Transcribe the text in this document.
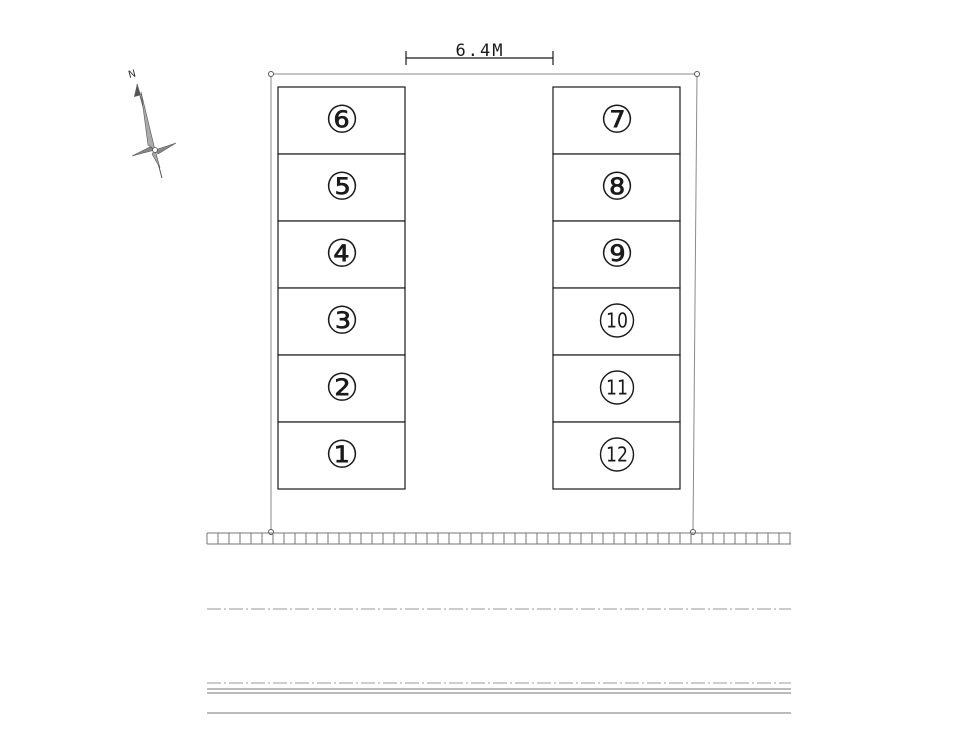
N
6.4M
⑥
⑤
④
③
②
①
⑦
⑧
⑨
10
11
12
